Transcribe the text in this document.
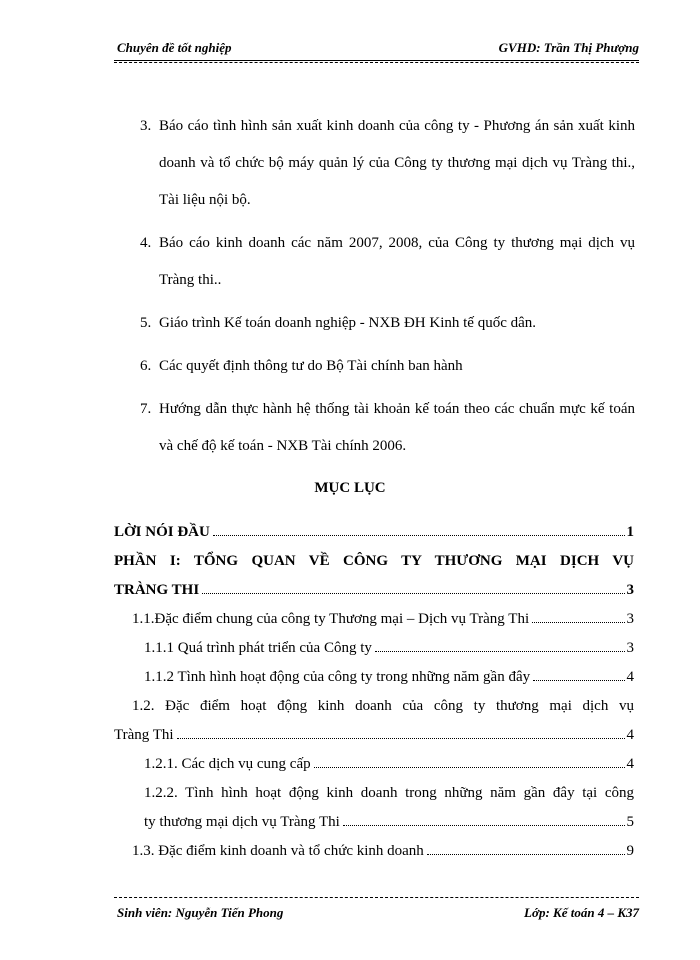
Chuyên đề tốt nghiệp	GVHD: Trần Thị Phượng
3. Báo cáo tình hình sản xuất kinh doanh của công ty - Phương án sản xuất kinh doanh và tổ chức bộ máy quản lý của Công ty thương mại dịch vụ Tràng thi., Tài liệu nội bộ.
4. Báo cáo kinh doanh các năm 2007, 2008, của Công ty thương mại dịch vụ Tràng thi..
5. Giáo trình Kế toán doanh nghiệp - NXB ĐH Kinh tế quốc dân.
6. Các quyết định thông tư do Bộ Tài chính ban hành
7. Hướng dẫn thực hành hệ thống tài khoản kế toán theo các chuẩn mực kế toán và chế độ kế toán - NXB Tài chính 2006.
MỤC LỤC
LỜI NÓI ĐẦU	1
PHẦN I: TỔNG QUAN VỀ CÔNG TY THƯƠNG MẠI DỊCH VỤ
TRÀNG THI	3
1.1.Đặc điểm chung của công ty Thương mại – Dịch vụ Tràng Thi	3
1.1.1 Quá trình phát triển của Công ty	3
1.1.2 Tình hình hoạt động của công ty trong những năm gần đây	4
1.2. Đặc điểm hoạt động kinh doanh của công ty thương mại dịch vụ
Tràng Thi	4
1.2.1. Các dịch vụ cung cấp	4
1.2.2. Tình hình hoạt động kinh doanh trong những năm gần đây tại công
ty thương mại dịch vụ Tràng Thi	5
1.3. Đặc điểm kinh doanh và tổ chức kinh doanh	9
Sinh viên: Nguyễn Tiến Phong	Lớp: Kế toán 4 – K37
